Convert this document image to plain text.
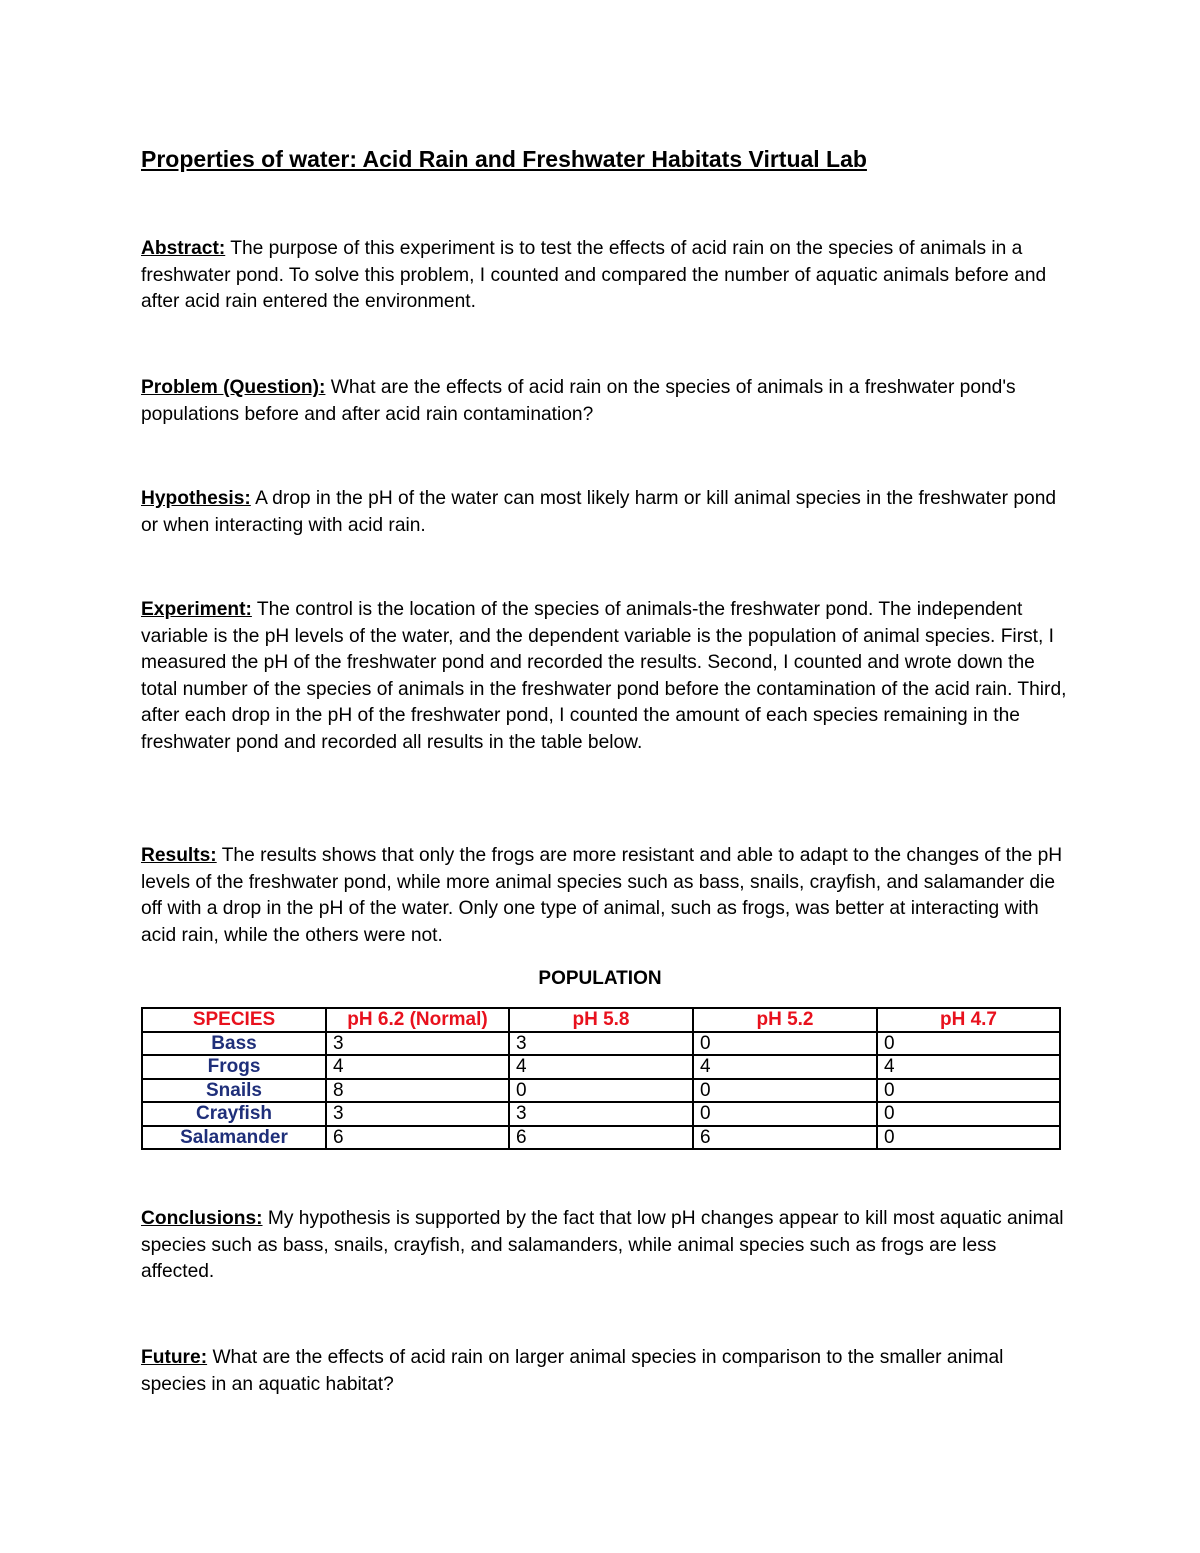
Properties of water: Acid Rain and Freshwater Habitats Virtual Lab
Abstract: The purpose of this experiment is to test the effects of acid rain on the species of animals in a freshwater pond. To solve this problem, I counted and compared the number of aquatic animals before and after acid rain entered the environment.
Problem (Question): What are the effects of acid rain on the species of animals in a freshwater pond's populations before and after acid rain contamination?
Hypothesis: A drop in the pH of the water can most likely harm or kill animal species in the freshwater pond or when interacting with acid rain.
Experiment: The control is the location of the species of animals-the freshwater pond. The independent variable is the pH levels of the water, and the dependent variable is the population of animal species. First, I measured the pH of the freshwater pond and recorded the results. Second, I counted and wrote down the total number of the species of animals in the freshwater pond before the contamination of the acid rain. Third, after each drop in the pH of the freshwater pond, I counted the amount of each species remaining in the freshwater pond and recorded all results in the table below.
Results: The results shows that only the frogs are more resistant and able to adapt to the changes of the pH levels of the freshwater pond, while more animal species such as bass, snails, crayfish, and salamander die off with a drop in the pH of the water. Only one type of animal, such as frogs, was better at interacting with acid rain, while the others were not.
POPULATION
SPECIES	pH 6.2 (Normal)	pH 5.8	pH 5.2	pH 4.7
Bass	3	3	0	0
Frogs	4	4	4	4
Snails	8	0	0	0
Crayfish	3	3	0	0
Salamander	6	6	6	0
Conclusions: My hypothesis is supported by the fact that low pH changes appear to kill most aquatic animal species such as bass, snails, crayfish, and salamanders, while animal species such as frogs are less affected.
Future: What are the effects of acid rain on larger animal species in comparison to the smaller animal species in an aquatic habitat?
